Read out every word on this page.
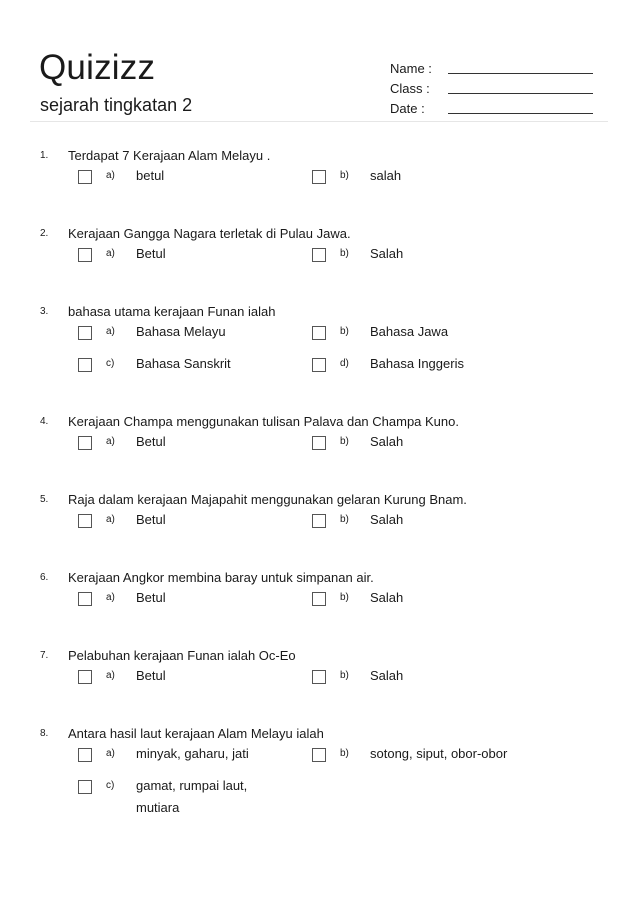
Quizizz
sejarah tingkatan 2
Name :
Class :
Date :
1.	Terdapat 7 Kerajaan Alam Melayu .
a)	betul	b)	salah
2.	Kerajaan Gangga Nagara terletak di Pulau Jawa.
a)	Betul	b)	Salah
3.	bahasa utama kerajaan Funan ialah
a)	Bahasa Melayu	b)	Bahasa Jawa
c)	Bahasa Sanskrit	d)	Bahasa Inggeris
4.	Kerajaan Champa menggunakan tulisan Palava dan Champa Kuno.
a)	Betul	b)	Salah
5.	Raja dalam kerajaan Majapahit menggunakan gelaran Kurung Bnam.
a)	Betul	b)	Salah
6.	Kerajaan Angkor membina baray untuk simpanan air.
a)	Betul	b)	Salah
7.	Pelabuhan kerajaan Funan ialah Oc-Eo
a)	Betul	b)	Salah
8.	Antara hasil laut kerajaan Alam Melayu ialah
a)	minyak, gaharu, jati	b)	sotong, siput, obor-obor
c)	gamat, rumpai laut, mutiara
